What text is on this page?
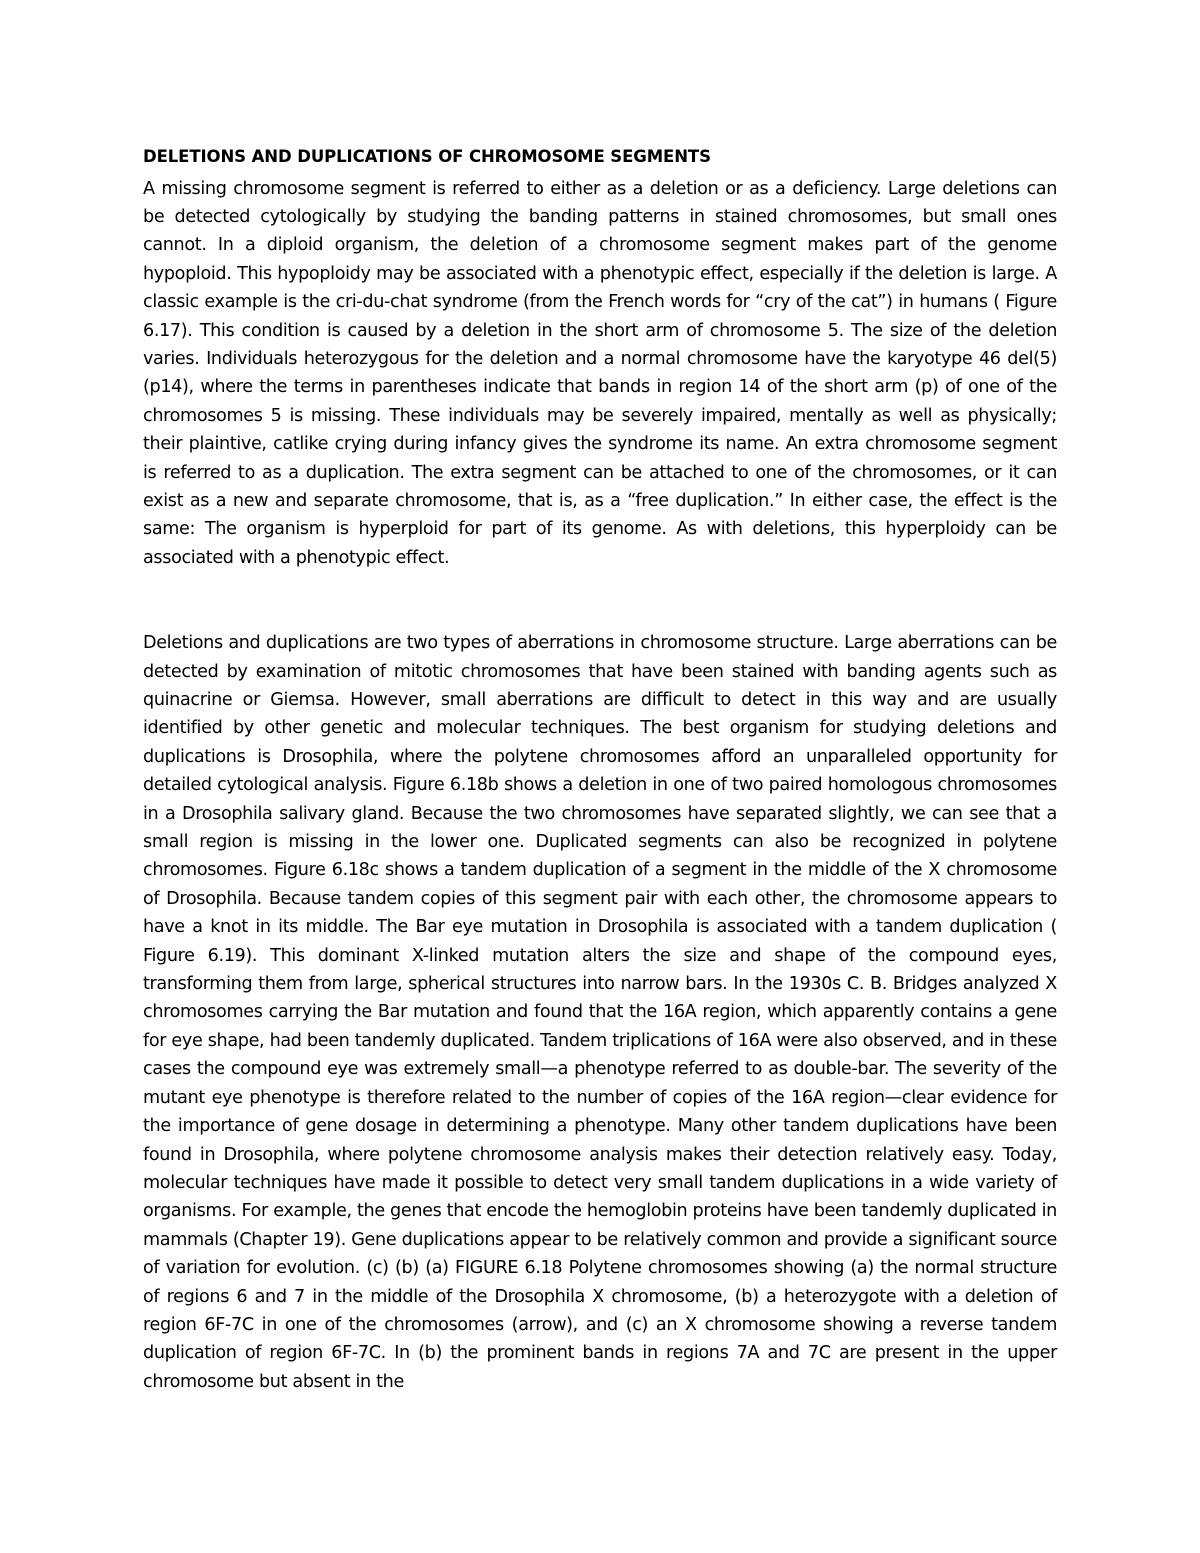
DELETIONS AND DUPLICATIONS OF CHROMOSOME SEGMENTS

A missing chromosome segment is referred to either as a deletion or as a deficiency. Large deletions can be detected cytologically by studying the banding patterns in stained chromosomes, but small ones cannot. In a diploid organism, the deletion of a chromosome segment makes part of the genome hypoploid. This hypoploidy may be associated with a phenotypic effect, especially if the deletion is large. A classic example is the cri-du-chat syndrome (from the French words for “cry of the cat”) in humans ( Figure 6.17). This condition is caused by a deletion in the short arm of chromosome 5. The size of the deletion varies. Individuals heterozygous for the deletion and a normal chromosome have the karyotype 46 del(5)(p14), where the terms in parentheses indicate that bands in region 14 of the short arm (p) of one of the chromosomes 5 is missing. These individuals may be severely impaired, mentally as well as physically; their plaintive, catlike crying during infancy gives the syndrome its name. An extra chromosome segment is referred to as a duplication. The extra segment can be attached to one of the chromosomes, or it can exist as a new and separate chromosome, that is, as a “free duplication.” In either case, the effect is the same: The organism is hyperploid for part of its genome. As with deletions, this hyperploidy can be associated with a phenotypic effect.

Deletions and duplications are two types of aberrations in chromosome structure. Large aberrations can be detected by examination of mitotic chromosomes that have been stained with banding agents such as quinacrine or Giemsa. However, small aberrations are difficult to detect in this way and are usually identified by other genetic and molecular techniques. The best organism for studying deletions and duplications is Drosophila, where the polytene chromosomes afford an unparalleled opportunity for detailed cytological analysis. Figure 6.18b shows a deletion in one of two paired homologous chromosomes in a Drosophila salivary gland. Because the two chromosomes have separated slightly, we can see that a small region is missing in the lower one. Duplicated segments can also be recognized in polytene chromosomes. Figure 6.18c shows a tandem duplication of a segment in the middle of the X chromosome of Drosophila. Because tandem copies of this segment pair with each other, the chromosome appears to have a knot in its middle. The Bar eye mutation in Drosophila is associated with a tandem duplication ( Figure 6.19). This dominant X-linked mutation alters the size and shape of the compound eyes, transforming them from large, spherical structures into narrow bars. In the 1930s C. B. Bridges analyzed X chromosomes carrying the Bar mutation and found that the 16A region, which apparently contains a gene for eye shape, had been tandemly duplicated. Tandem triplications of 16A were also observed, and in these cases the compound eye was extremely small—a phenotype referred to as double-bar. The severity of the mutant eye phenotype is therefore related to the number of copies of the 16A region—clear evidence for the importance of gene dosage in determining a phenotype. Many other tandem duplications have been found in Drosophila, where polytene chromosome analysis makes their detection relatively easy. Today, molecular techniques have made it possible to detect very small tandem duplications in a wide variety of organisms. For example, the genes that encode the hemoglobin proteins have been tandemly duplicated in mammals (Chapter 19). Gene duplications appear to be relatively common and provide a significant source of variation for evolution. (c) (b) (a) FIGURE 6.18 Polytene chromosomes showing (a) the normal structure of regions 6 and 7 in the middle of the Drosophila X chromosome, (b) a heterozygote with a deletion of region 6F-7C in one of the chromosomes (arrow), and (c) an X chromosome showing a reverse tandem duplication of region 6F-7C. In (b) the prominent bands in regions 7A and 7C are present in the upper chromosome but absent in the
